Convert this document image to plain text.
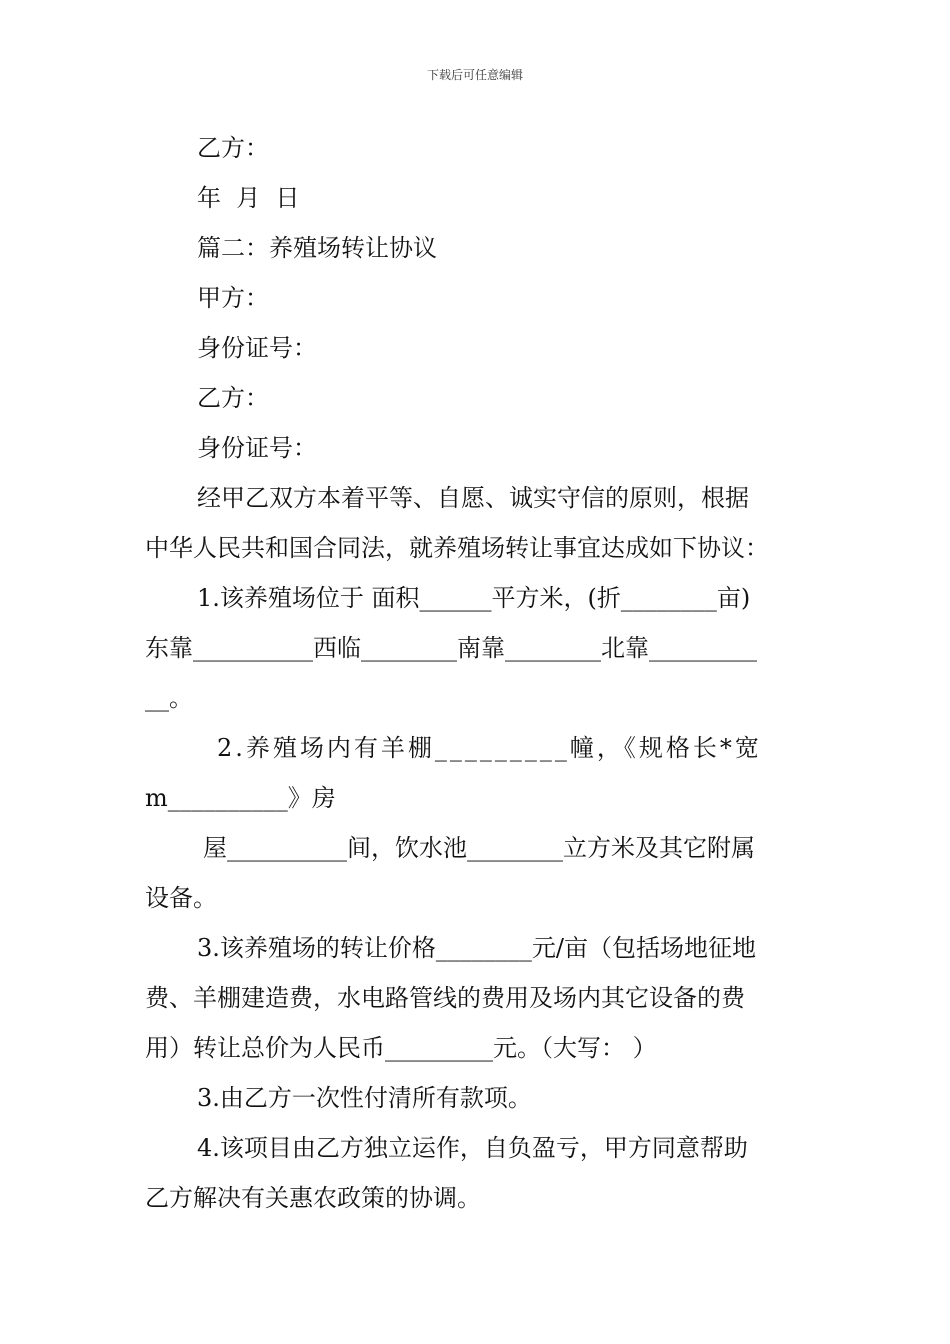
下载后可任意编辑
乙方：
年  月  日
篇二：养殖场转让协议
甲方：
身份证号：
乙方：
身份证号：
经甲乙双方本着平等、自愿、诚实守信的原则，根据
中华人民共和国合同法，就养殖场转让事宜达成如下协议：
1.该养殖场位于 面积______平方米，(折________亩)
东靠__________西临________南靠________北靠_________
__。
2.养殖场内有羊棚_________幢，《规格长*宽
m__________》房
屋__________间，饮水池________立方米及其它附属
设备。
3.该养殖场的转让价格________元/亩（包括场地征地
费、羊棚建造费，水电路管线的费用及场内其它设备的费
用）转让总价为人民币_________元。（大写： ）
3.由乙方一次性付清所有款项。
4.该项目由乙方独立运作，自负盈亏，甲方同意帮助
乙方解决有关惠农政策的协调。
